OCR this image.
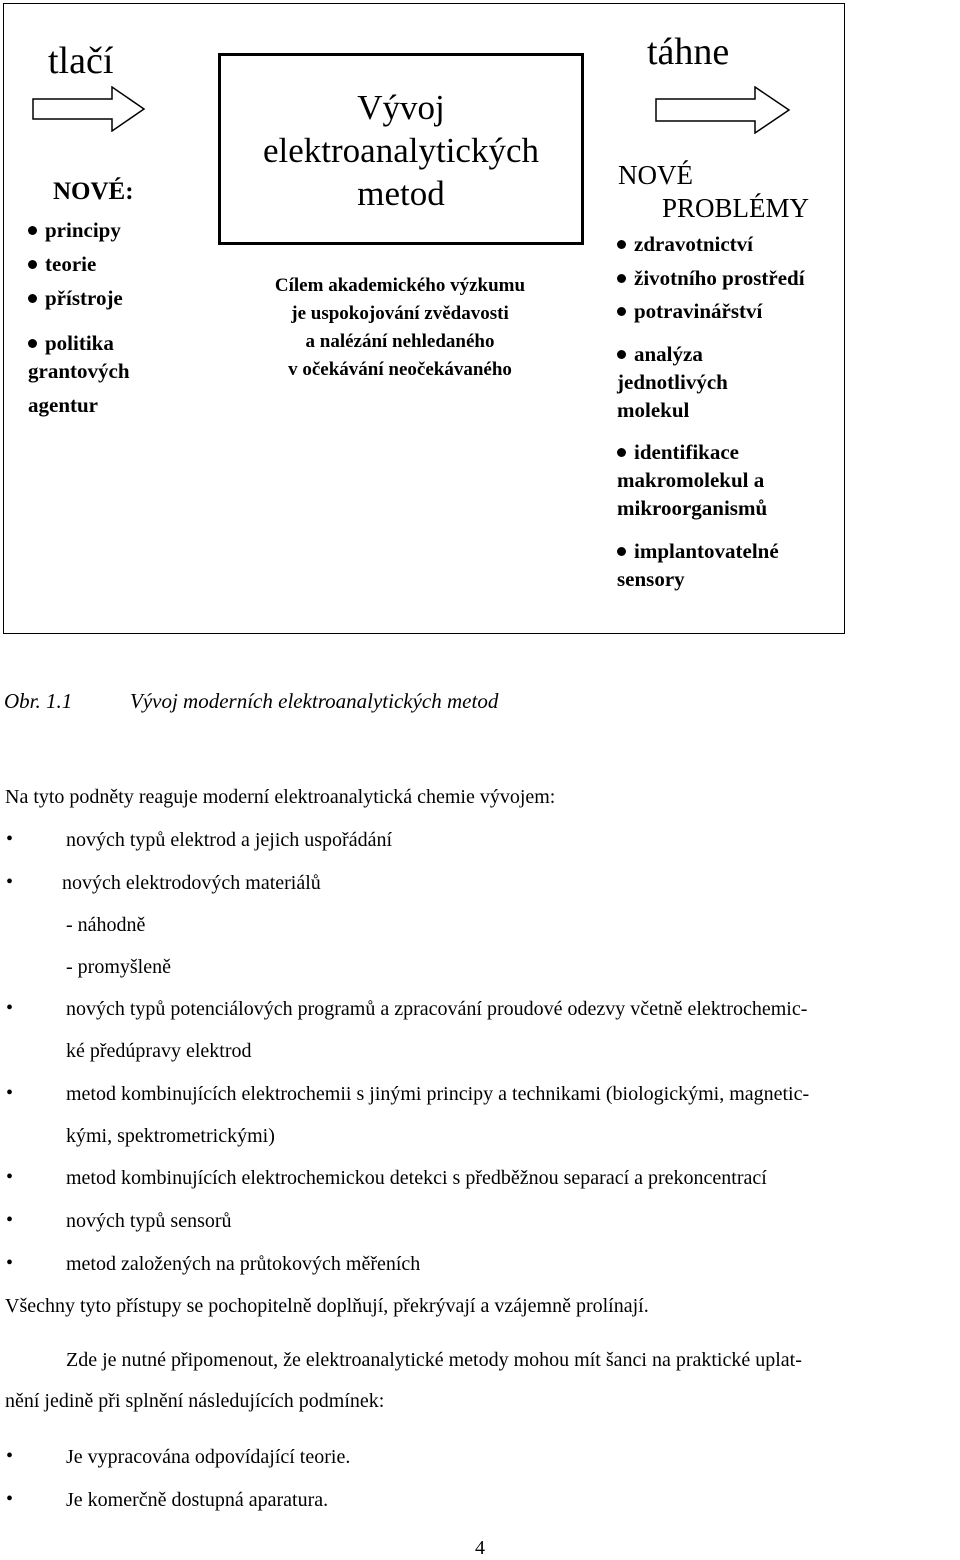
tlačí	táhne
Vývoj
elektroanalytických
metod
Cílem akademického výzkumu
je uspokojování zvědavosti
a nalézání nehledaného
v očekávání neočekávaného
NOVÉ:
principy
teorie
přístroje
politika
grantových
agentur
NOVÉ
PROBLÉMY
zdravotnictví
životního prostředí
potravinářství
analýza
jednotlivých
molekul
identifikace
makromolekul a
mikroorganismů
implantovatelné
sensory
Obr. 1.1	Vývoj moderních elektroanalytických metod
Na tyto podněty reaguje moderní elektroanalytická chemie vývojem:
•	nových typů elektrod a jejich uspořádání
• nových elektrodových materiálů
- náhodně
- promyšleně
•	nových typů potenciálových programů a zpracování proudové odezvy včetně elektrochemic-
ké předúpravy elektrod
•	metod kombinujících elektrochemii s jinými principy a technikami (biologickými, magnetic-
kými, spektrometrickými)
•	metod kombinujících elektrochemickou detekci s předběžnou separací a prekoncentrací
•	nových typů sensorů
•	metod založených na průtokových měřeních
Všechny tyto přístupy se pochopitelně doplňují, překrývají a vzájemně prolínají.
Zde je nutné připomenout, že elektroanalytické metody mohou mít šanci na praktické uplat-
nění jedině při splnění následujících podmínek:
•	Je vypracována odpovídající teorie.
•	Je komerčně dostupná aparatura.
4
